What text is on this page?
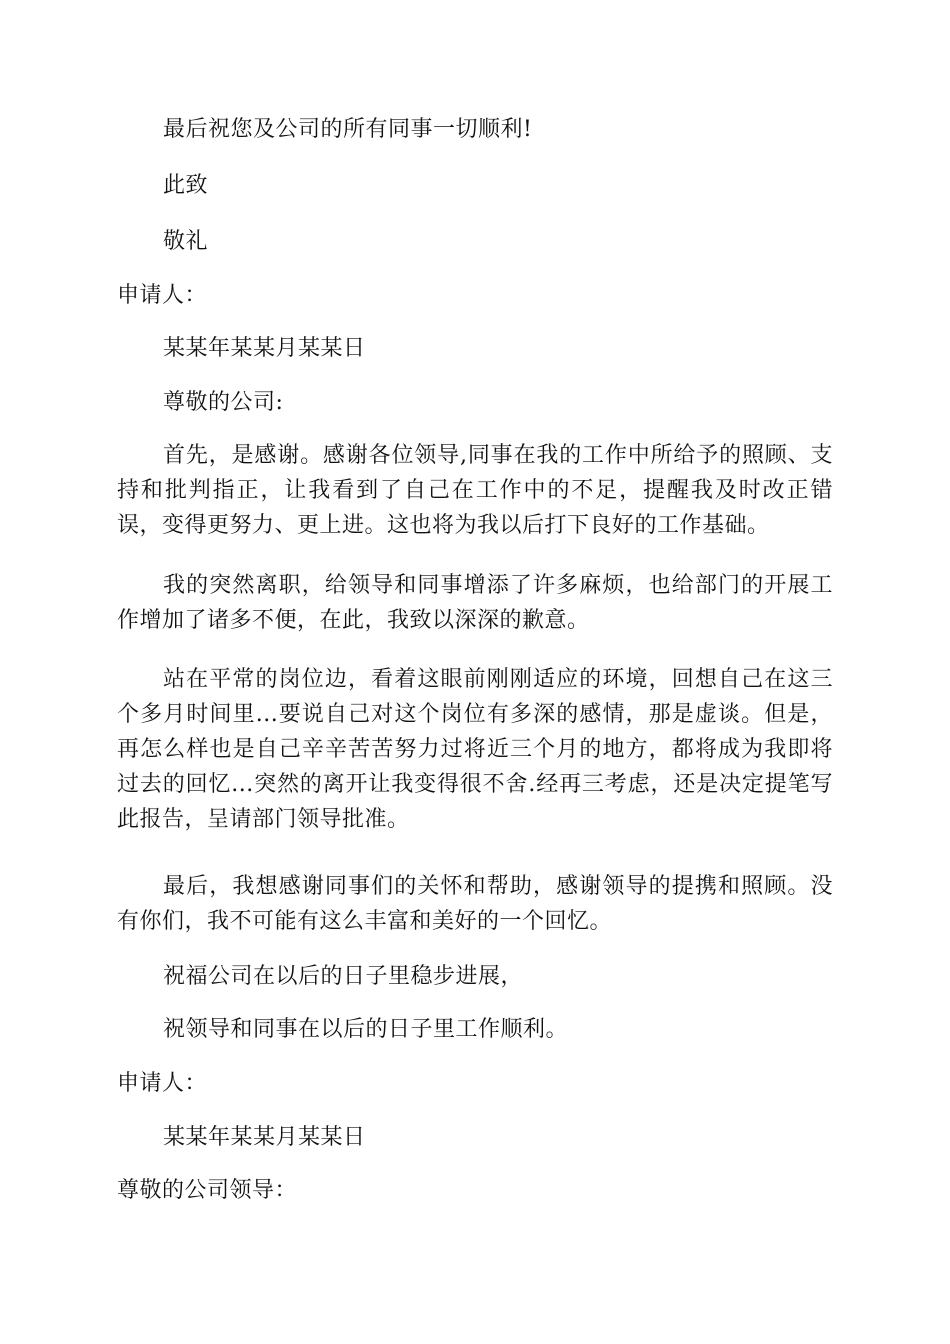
最后祝您及公司的所有同事一切顺利!
此致
敬礼
申请人：
某某年某某月某某日
尊敬的公司:
首先，是感谢。感谢各位领导,同事在我的工作中所给予的照顾、支持和批判指正，让我看到了自己在工作中的不足，提醒我及时改正错误，变得更努力、更上进。这也将为我以后打下良好的工作基础。
我的突然离职，给领导和同事增添了许多麻烦，也给部门的开展工作增加了诸多不便，在此，我致以深深的歉意。
站在平常的岗位边，看着这眼前刚刚适应的环境，回想自己在这三个多月时间里...要说自己对这个岗位有多深的感情，那是虚谈。但是，再怎么样也是自己辛辛苦苦努力过将近三个月的地方，都将成为我即将过去的回忆...突然的离开让我变得很不舍.经再三考虑，还是决定提笔写此报告，呈请部门领导批准。
最后，我想感谢同事们的关怀和帮助，感谢领导的提携和照顾。没有你们，我不可能有这么丰富和美好的一个回忆。
祝福公司在以后的日子里稳步进展，
祝领导和同事在以后的日子里工作顺利。
申请人：
某某年某某月某某日
尊敬的公司领导：
